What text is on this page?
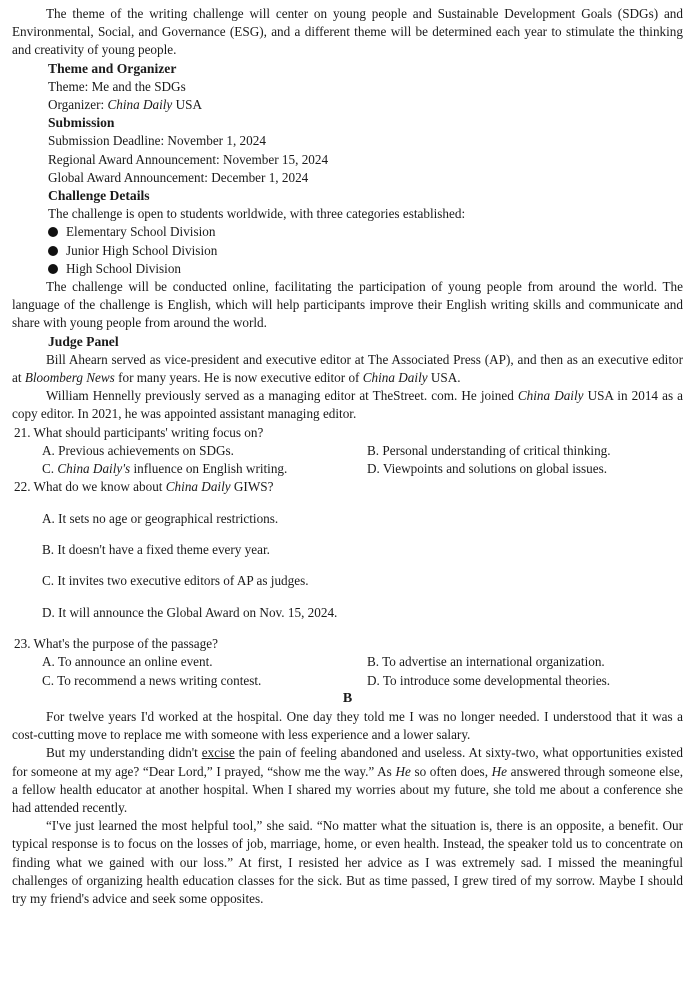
The theme of the writing challenge will center on young people and Sustainable Development Goals (SDGs) and Environmental, Social, and Governance (ESG), and a different theme will be determined each year to stimulate the thinking and creativity of young people.

Theme and Organizer

Theme: Me and the SDGs

Organizer: China Daily USA

Submission

Submission Deadline: November 1, 2024

Regional Award Announcement: November 15, 2024

Global Award Announcement: December 1, 2024

Challenge Details

The challenge is open to students worldwide, with three categories established:

Elementary School Division

Junior High School Division

High School Division

The challenge will be conducted online, facilitating the participation of young people from around the world. The language of the challenge is English, which will help participants improve their English writing skills and communicate and share with young people from around the world.

Judge Panel

Bill Ahearn served as vice-president and executive editor at The Associated Press (AP), and then as an executive editor at Bloomberg News for many years. He is now executive editor of China Daily USA.

William Hennelly previously served as a managing editor at TheStreet. com. He joined China Daily USA in 2014 as a copy editor. In 2021, he was appointed assistant managing editor.

21. What should participants' writing focus on?

A. Previous achievements on SDGs.	B. Personal understanding of critical thinking.
C. China Daily's influence on English writing.	D. Viewpoints and solutions on global issues.

22. What do we know about China Daily GIWS?

A. It sets no age or geographical restrictions.

B. It doesn't have a fixed theme every year.

C. It invites two executive editors of AP as judges.

D. It will announce the Global Award on Nov. 15, 2024.

23. What's the purpose of the passage?

A. To announce an online event.	B. To advertise an international organization.
C. To recommend a news writing contest.	D. To introduce some developmental theories.

B

For twelve years I'd worked at the hospital. One day they told me I was no longer needed. I understood that it was a cost-cutting move to replace me with someone with less experience and a lower salary.

But my understanding didn't excise the pain of feeling abandoned and useless. At sixty-two, what opportunities existed for someone at my age? “Dear Lord,” I prayed, “show me the way.” As He so often does, He answered through someone else, a fellow health educator at another hospital. When I shared my worries about my future, she told me about a conference she had attended recently.

“I've just learned the most helpful tool,” she said. “No matter what the situation is, there is an opposite, a benefit. Our typical response is to focus on the losses of job, marriage, home, or even health. Instead, the speaker told us to concentrate on finding what we gained with our loss.” At first, I resisted her advice as I was extremely sad. I missed the meaningful challenges of organizing health education classes for the sick. But as time passed, I grew tired of my sorrow. Maybe I should try my friend's advice and seek some opposites.
